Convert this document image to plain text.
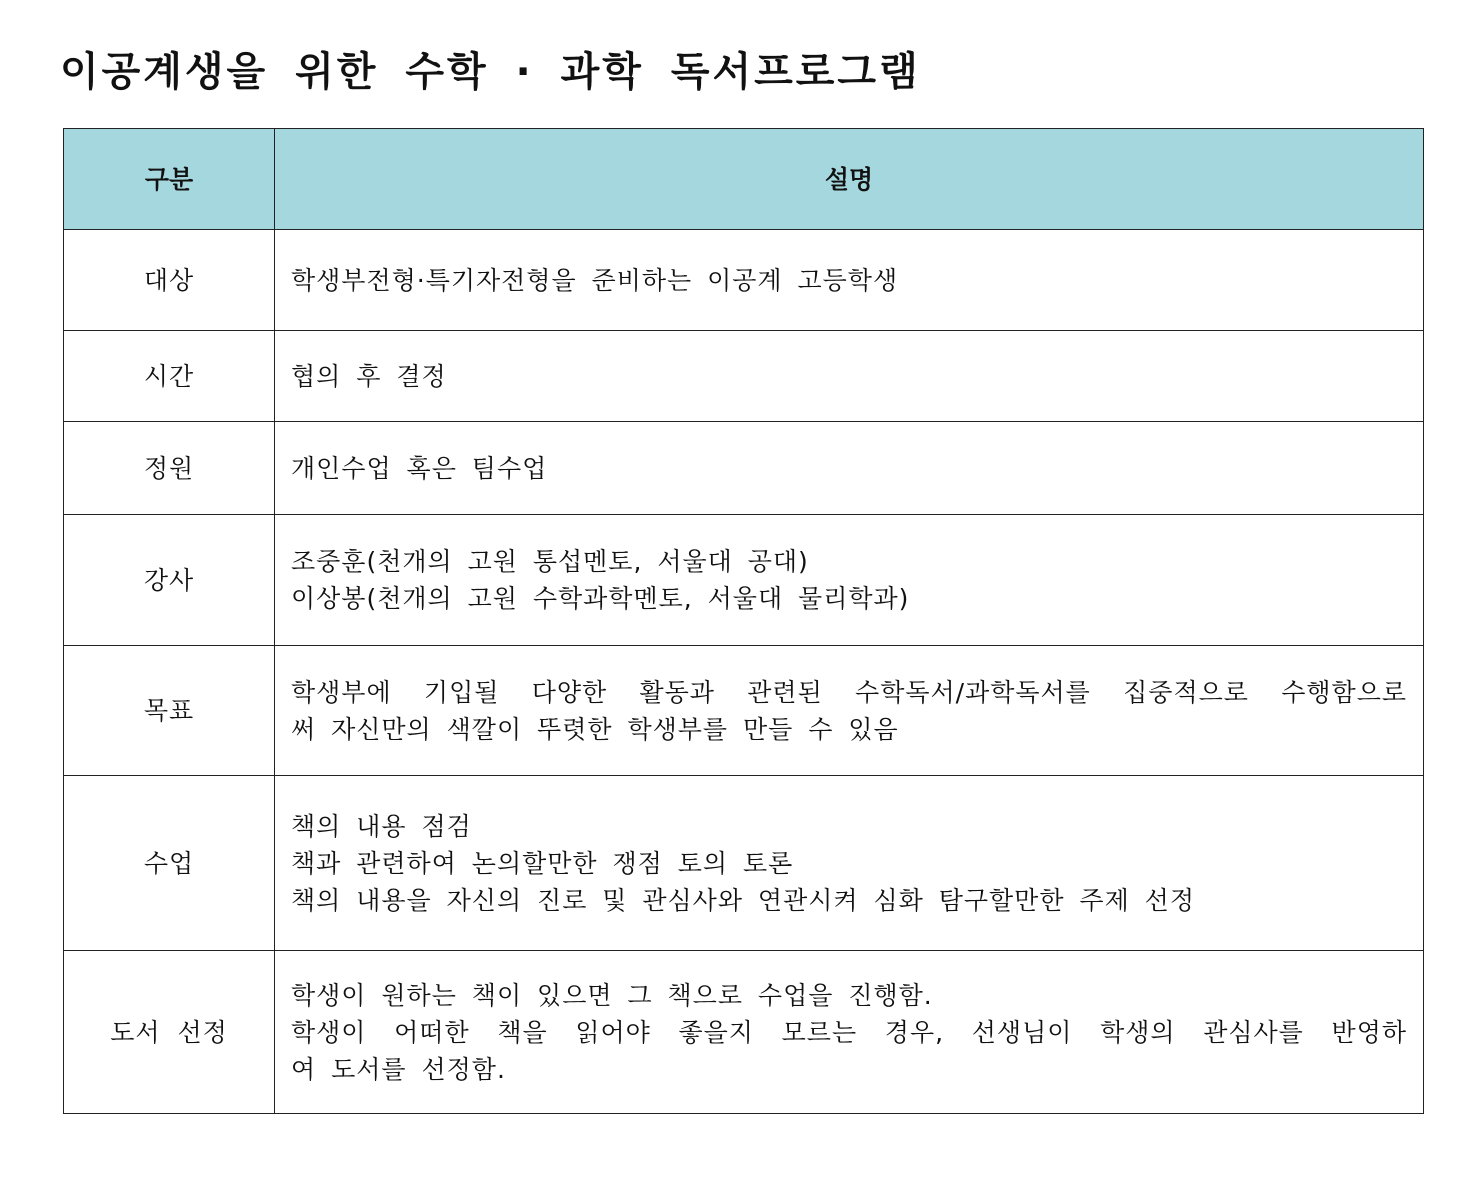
이공계생을 위한 수학 · 과학 독서프로그램
구분	설명
대상	학생부전형·특기자전형을 준비하는 이공계 고등학생

시간	협의 후 결정

정원	개인수업 혹은 팀수업

강사	조중훈(천개의 고원 통섭멘토, 서울대 공대)
이상봉(천개의 고원 수학과학멘토, 서울대 물리학과)

목표	학생부에 기입될 다양한 활동과 관련된 수학독서/과학독서를 집중적으로 수행함으로
써 자신만의 색깔이 뚜렷한 학생부를 만들 수 있음

수업	책의 내용 점검
책과 관련하여 논의할만한 쟁점 토의 토론
책의 내용을 자신의 진로 및 관심사와 연관시켜 심화 탐구할만한 주제 선정

도서 선정	학생이 원하는 책이 있으면 그 책으로 수업을 진행함.
학생이 어떠한 책을 읽어야 좋을지 모르는 경우, 선생님이 학생의 관심사를 반영하
여 도서를 선정함.
